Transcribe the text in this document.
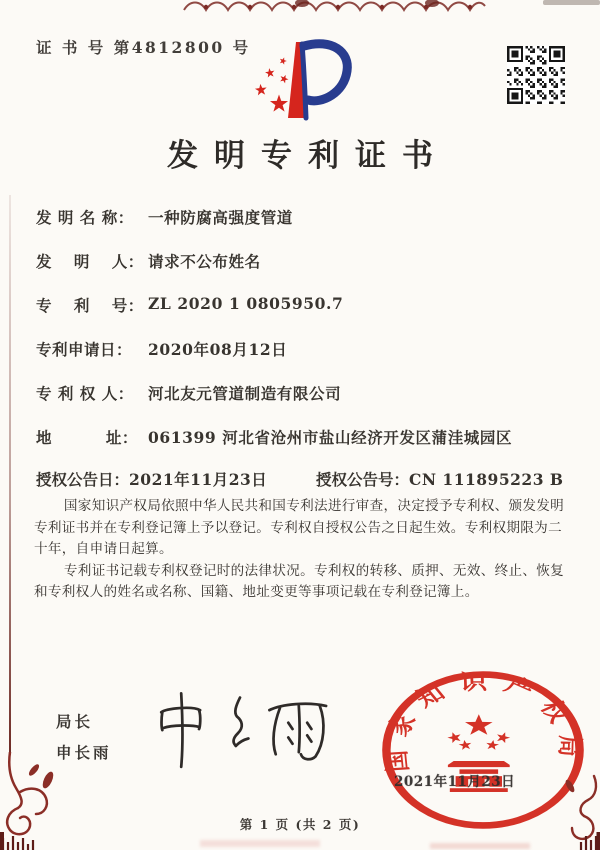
证 书 号 第4812800 号
发明专利证书
发 明 名 称： 一种防腐高强度管道
发　 明　 人： 请求不公布姓名
专　 利　 号： ZL 2020 1 0805950.7
专利申请日：	2020年08月12日
专 利 权 人： 河北友元管道制造有限公司
地　　　 址： 061399 河北省沧州市盐山经济开发区蒲洼城园区
授权公告日：2021年11月23日	授权公告号：CN 111895223 B

国家知识产权局依照中华人民共和国专利法进行审查，决定授予专利权、颁发发明专利证书并在专利登记簿上予以登记。专利权自授权公告之日起生效。专利权期限为二十年，自申请日起算。

专利证书记载专利权登记时的法律状况。专利权的转移、质押、无效、终止、恢复和专利权人的姓名或名称、国籍、地址变更等事项记载在专利登记簿上。

局长
申长雨	国家知识产权局
2021年11月23日
第 1 页 (共 2 页)
